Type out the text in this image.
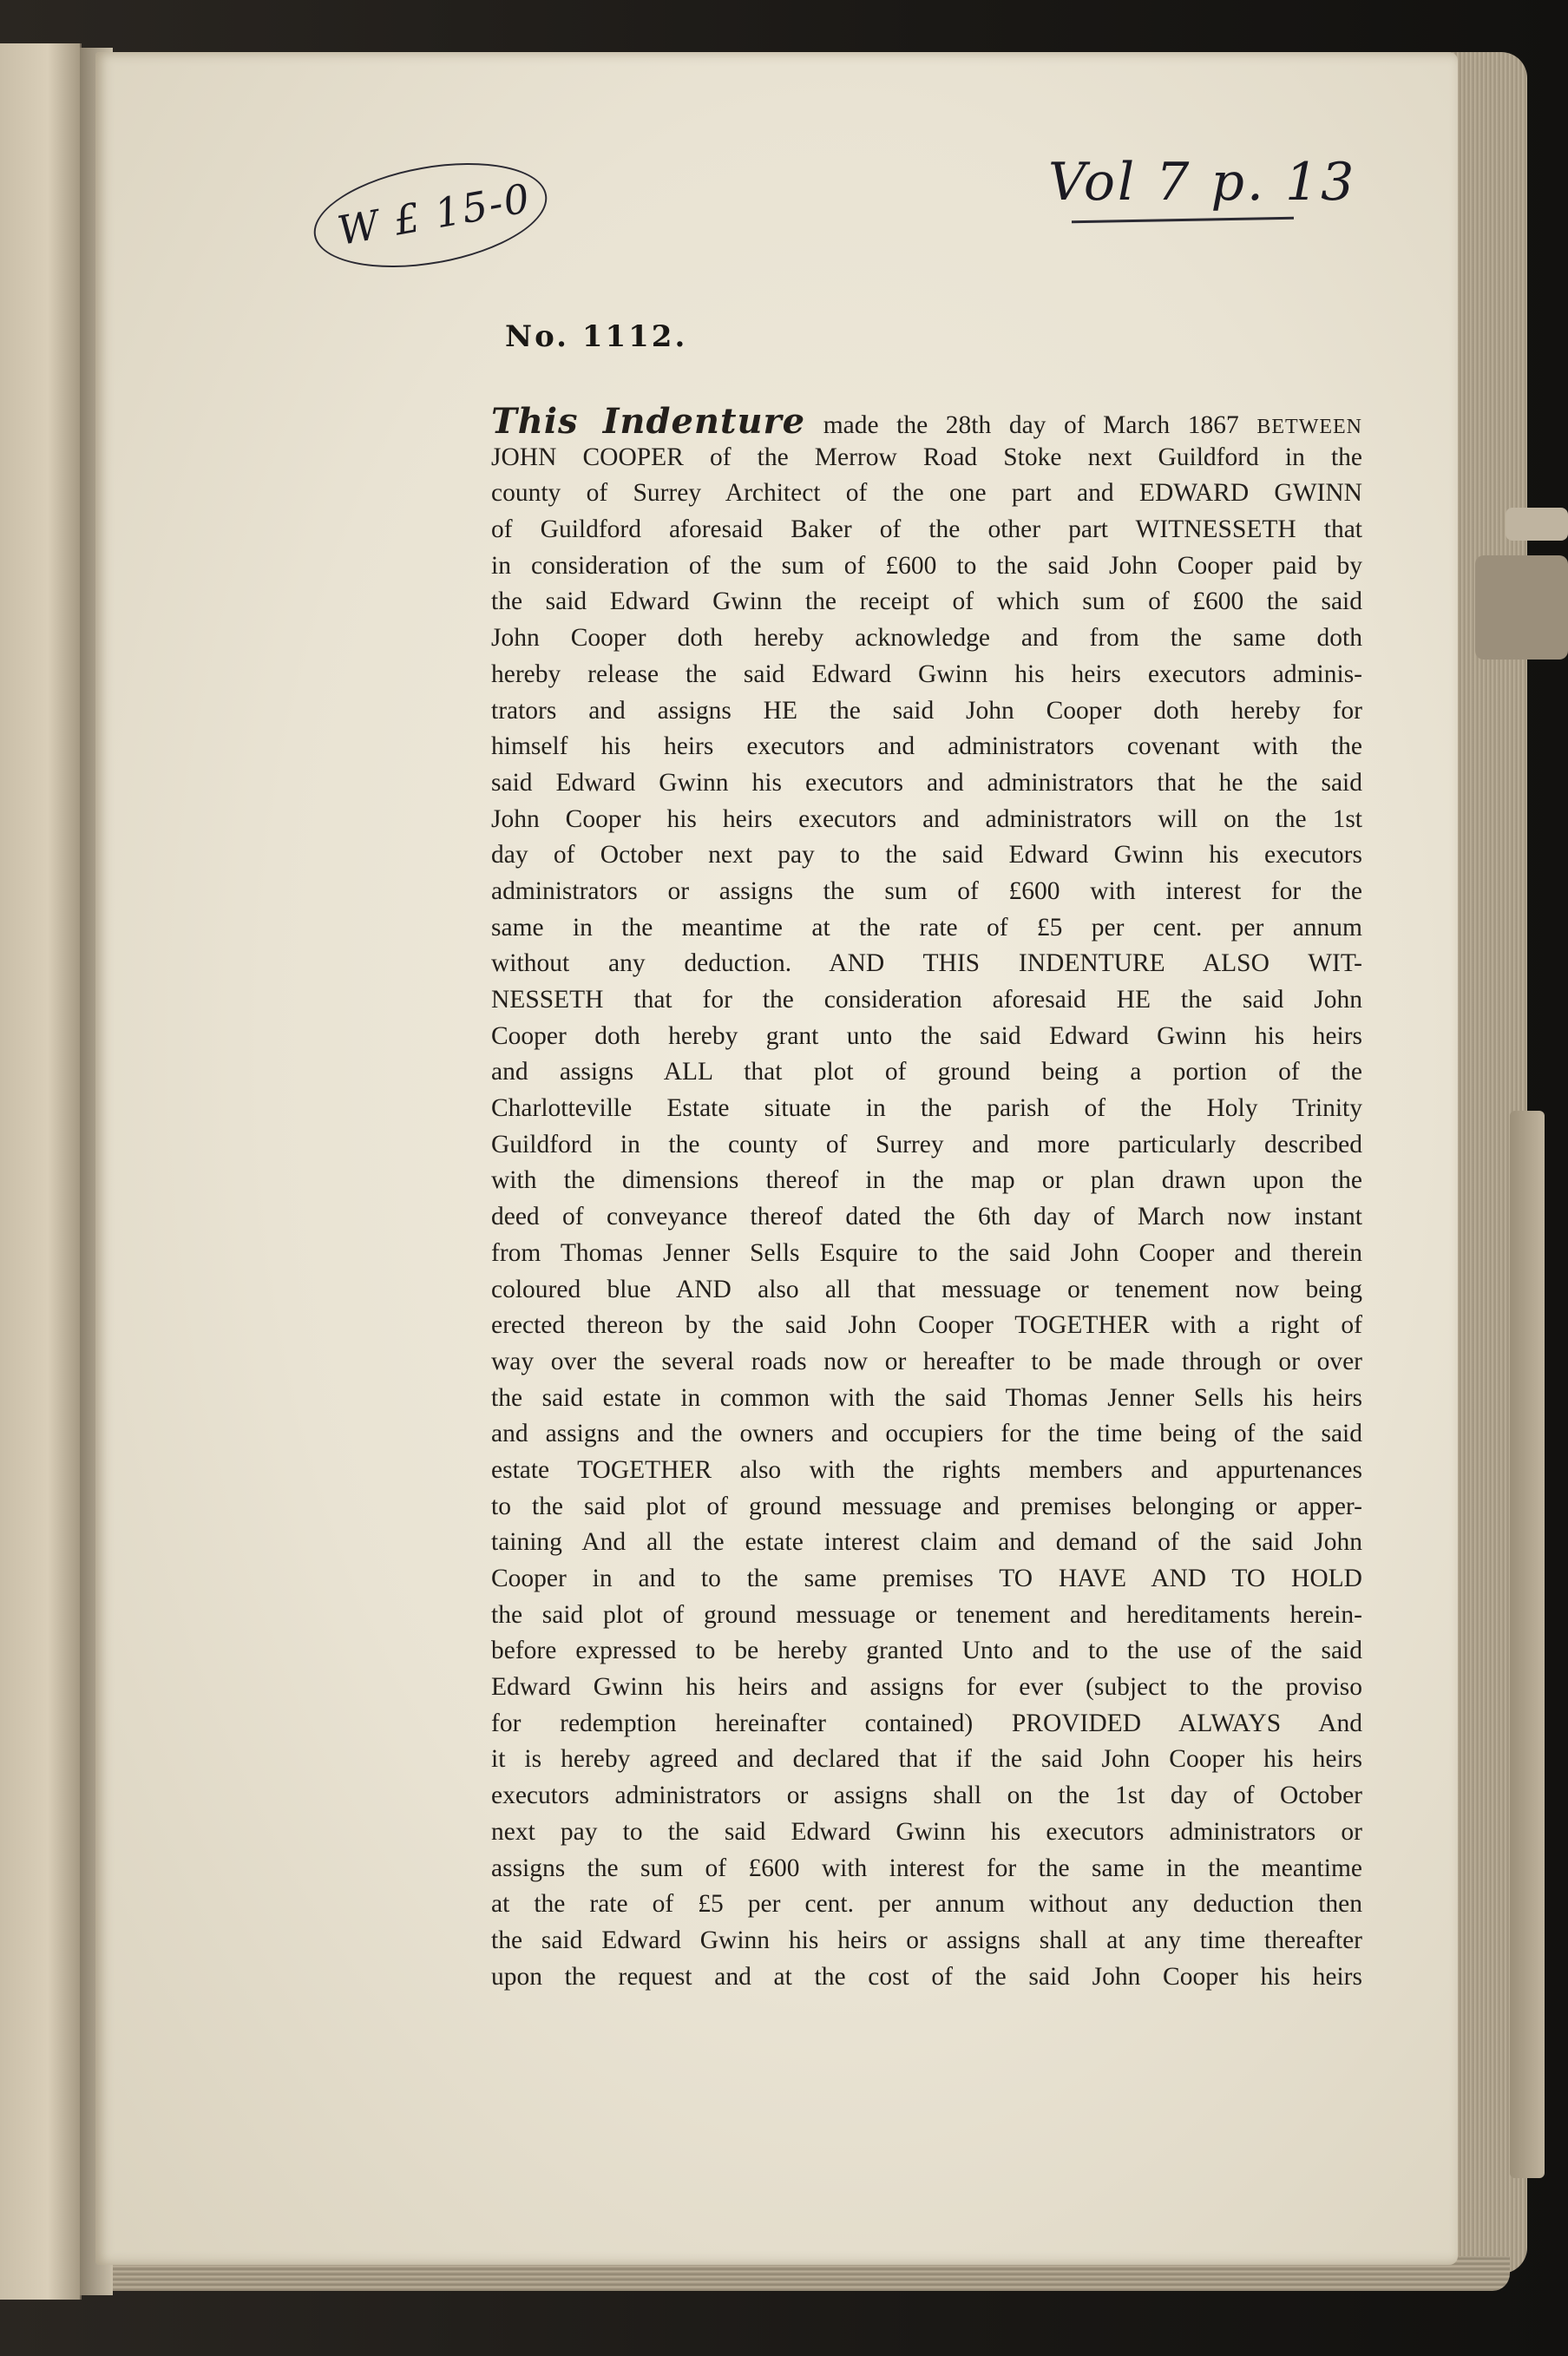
W £ 15-0	Vol 7 p. 13
No. 1112.
This Indenture made the 28th day of March 1867 BETWEEN
JOHN COOPER of the Merrow Road Stoke next Guildford in the
county of Surrey Architect of the one part and EDWARD GWINN
of Guildford aforesaid Baker of the other part WITNESSETH that
in consideration of the sum of £600 to the said John Cooper paid by
the said Edward Gwinn the receipt of which sum of £600 the said
John Cooper doth hereby acknowledge and from the same doth
hereby release the said Edward Gwinn his heirs executors adminis-
trators and assigns HE the said John Cooper doth hereby for
himself his heirs executors and administrators covenant with the
said Edward Gwinn his executors and administrators that he the said
John Cooper his heirs executors and administrators will on the 1st
day of October next pay to the said Edward Gwinn his executors
administrators or assigns the sum of £600 with interest for the
same in the meantime at the rate of £5 per cent. per annum
without any deduction. AND THIS INDENTURE ALSO WIT-
NESSETH that for the consideration aforesaid HE the said John
Cooper doth hereby grant unto the said Edward Gwinn his heirs
and assigns ALL that plot of ground being a portion of the
Charlotteville Estate situate in the parish of the Holy Trinity
Guildford in the county of Surrey and more particularly described
with the dimensions thereof in the map or plan drawn upon the
deed of conveyance thereof dated the 6th day of March now instant
from Thomas Jenner Sells Esquire to the said John Cooper and therein
coloured blue AND also all that messuage or tenement now being
erected thereon by the said John Cooper TOGETHER with a right of
way over the several roads now or hereafter to be made through or over
the said estate in common with the said Thomas Jenner Sells his heirs
and assigns and the owners and occupiers for the time being of the said
estate TOGETHER also with the rights members and appurtenances
to the said plot of ground messuage and premises belonging or apper-
taining And all the estate interest claim and demand of the said John
Cooper in and to the same premises TO HAVE AND TO HOLD
the said plot of ground messuage or tenement and hereditaments herein-
before expressed to be hereby granted Unto and to the use of the said
Edward Gwinn his heirs and assigns for ever (subject to the proviso
for redemption hereinafter contained) PROVIDED ALWAYS And
it is hereby agreed and declared that if the said John Cooper his heirs
executors administrators or assigns shall on the 1st day of October
next pay to the said Edward Gwinn his executors administrators or
assigns the sum of £600 with interest for the same in the meantime
at the rate of £5 per cent. per annum without any deduction then
the said Edward Gwinn his heirs or assigns shall at any time thereafter
upon the request and at the cost of the said John Cooper his heirs
